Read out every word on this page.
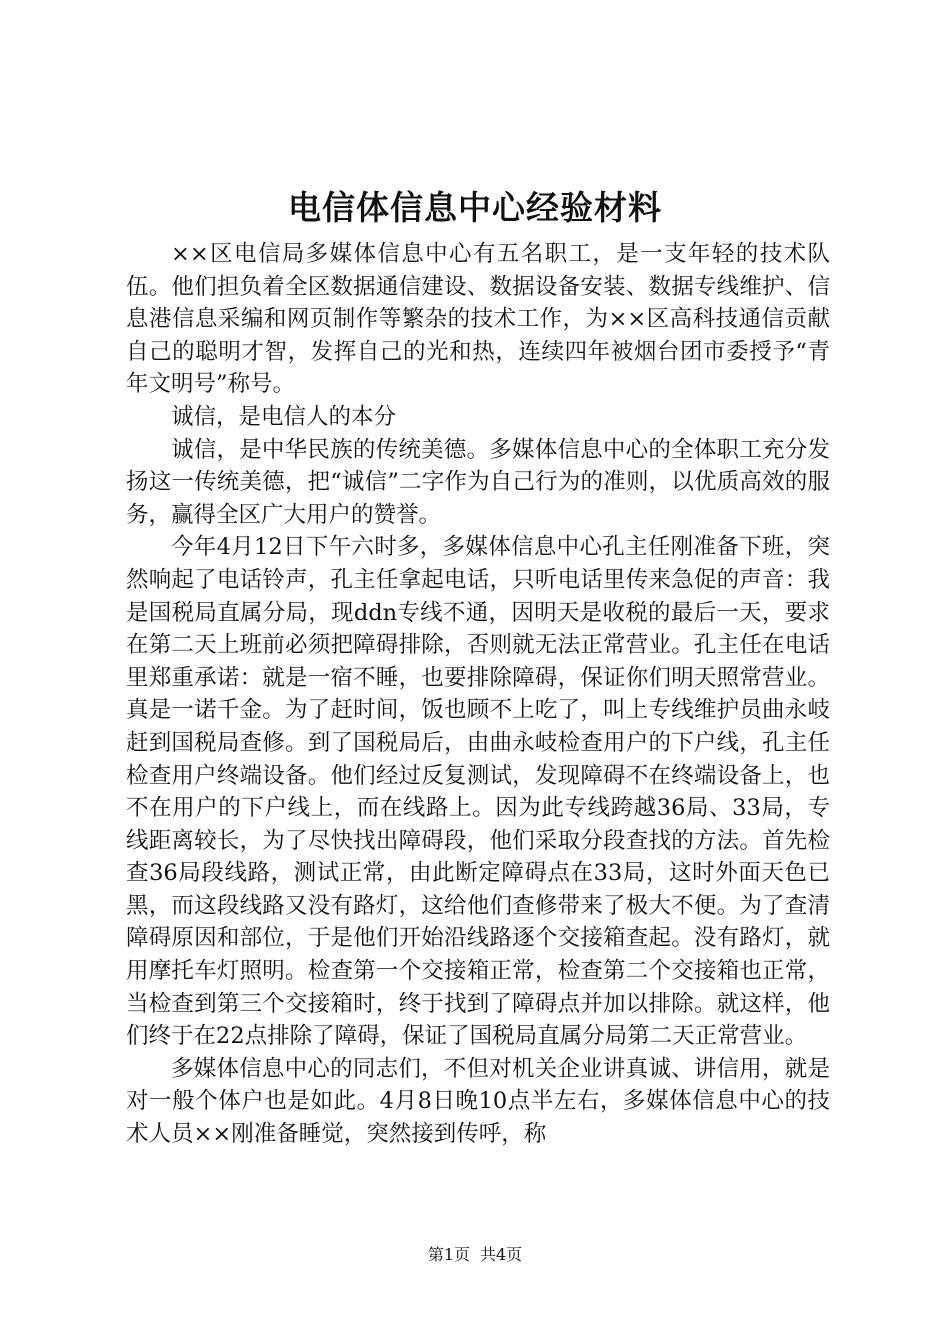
电信体信息中心经验材料

××区电信局多媒体信息中心有五名职工，是一支年轻的技术队伍。他们担负着全区数据通信建设、数据设备安装、数据专线维护、信息港信息采编和网页制作等繁杂的技术工作，为××区高科技通信贡献自己的聪明才智，发挥自己的光和热，连续四年被烟台团市委授予“青年文明号”称号。

诚信，是电信人的本分

诚信，是中华民族的传统美德。多媒体信息中心的全体职工充分发扬这一传统美德，把“诚信”二字作为自己行为的准则，以优质高效的服务，赢得全区广大用户的赞誉。

今年4月12日下午六时多，多媒体信息中心孔主任刚准备下班，突然响起了电话铃声，孔主任拿起电话，只听电话里传来急促的声音：我是国税局直属分局，现ddn专线不通，因明天是收税的最后一天，要求在第二天上班前必须把障碍排除，否则就无法正常营业。孔主任在电话里郑重承诺：就是一宿不睡，也要排除障碍，保证你们明天照常营业。真是一诺千金。为了赶时间，饭也顾不上吃了，叫上专线维护员曲永岐赶到国税局查修。到了国税局后，由曲永岐检查用户的下户线，孔主任检查用户终端设备。他们经过反复测试，发现障碍不在终端设备上，也不在用户的下户线上，而在线路上。因为此专线跨越36局、33局，专线距离较长，为了尽快找出障碍段，他们采取分段查找的方法。首先检查36局段线路，测试正常，由此断定障碍点在33局，这时外面天色已黑，而这段线路又没有路灯，这给他们查修带来了极大不便。为了查清障碍原因和部位，于是他们开始沿线路逐个交接箱查起。没有路灯，就用摩托车灯照明。检查第一个交接箱正常，检查第二个交接箱也正常，当检查到第三个交接箱时，终于找到了障碍点并加以排除。就这样，他们终于在22点排除了障碍，保证了国税局直属分局第二天正常营业。

多媒体信息中心的同志们，不但对机关企业讲真诚、讲信用，就是对一般个体户也是如此。4月8日晚10点半左右，多媒体信息中心的技术人员××刚准备睡觉，突然接到传呼，称

第1页 共4页
